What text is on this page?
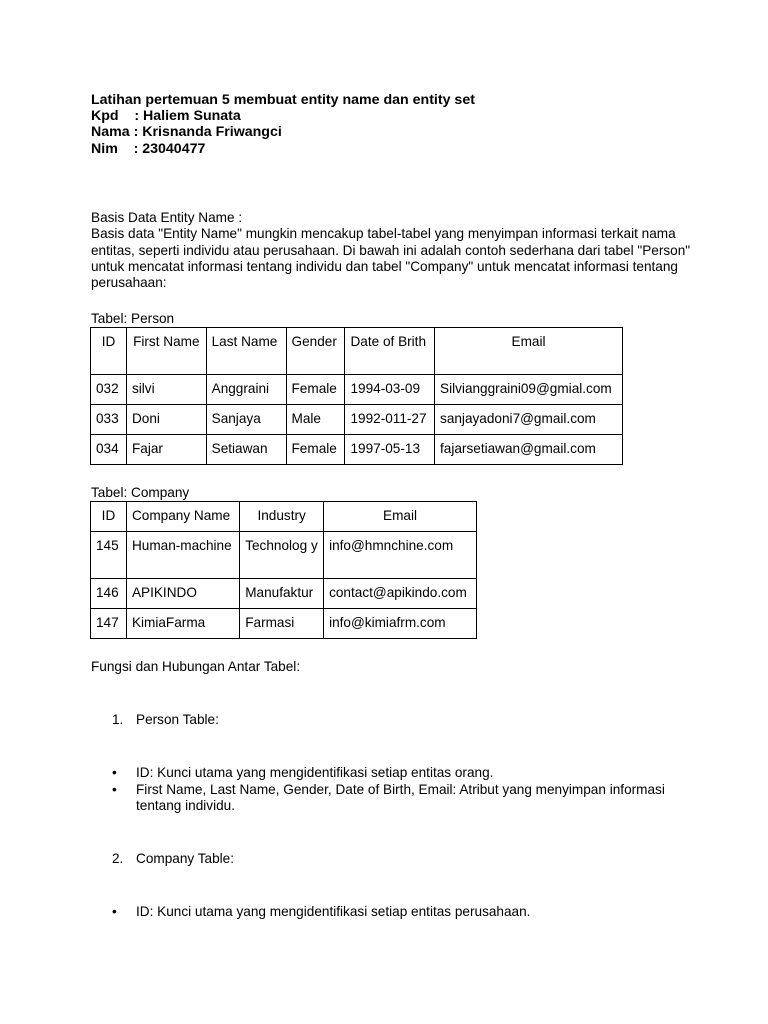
Latihan pertemuan 5 membuat entity name dan entity set
Kpd    : Haliem Sunata
Nama : Krisnanda Friwangci
Nim    : 23040477
Basis Data Entity Name :
Basis data "Entity Name" mungkin mencakup tabel-tabel yang menyimpan informasi terkait nama entitas, seperti individu atau perusahaan. Di bawah ini adalah contoh sederhana dari tabel "Person" untuk mencatat informasi tentang individu dan tabel "Company" untuk mencatat informasi tentang perusahaan:
Tabel: Person
ID	First Name	Last Name	Gender	Date of Brith	Email
032	silvi	Anggraini	Female	1994-03-09	Silvianggraini09@gmial.com
033	Doni	Sanjaya	Male	1992-011-27	sanjayadoni7@gmail.com
034	Fajar	Setiawan	Female	1997-05-13	fajarsetiawan@gmail.com
Tabel: Company
ID	Company Name	Industry	Email
145	Human-machine	Technolog y	info@hmnchine.com
146	APIKINDO	Manufaktur	contact@apikindo.com
147	KimiaFarma	Farmasi	info@kimiafrm.com
Fungsi dan Hubungan Antar Tabel:
1. Person Table:
• ID: Kunci utama yang mengidentifikasi setiap entitas orang.
• First Name, Last Name, Gender, Date of Birth, Email: Atribut yang menyimpan informasi tentang individu.
2. Company Table:
• ID: Kunci utama yang mengidentifikasi setiap entitas perusahaan.
